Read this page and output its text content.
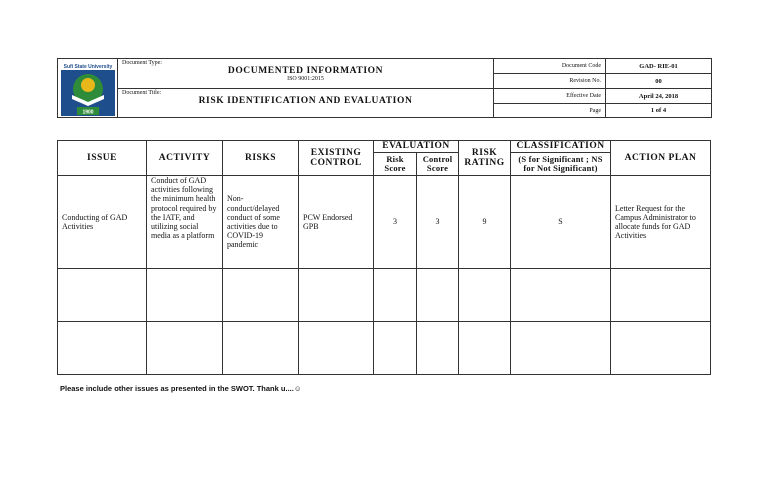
Sufi State University
1900	Document Type:
DOCUMENTED INFORMATION
ISO 9001:2015	Document Code	GAD- RIE-01
		Revision No.	00

	Document Title:
RISK IDENTIFICATION AND EVALUATION	Effective Date	April 24, 2018
		Page	1 of 4
ISSUE	ACTIVITY	RISKS	EXISTING CONTROL	EVALUATION		RISK RATING	CLASSIFICATION	ACTION PLAN
				Risk Score	Control Score		(S for Significant ; NS for Not Significant)	
Conducting of GAD Activities	Conduct of GAD activities following the minimum health protocol required by the IATF, and utilizing social media as a platform	Non-conduct/delayed conduct of some activities due to COVID-19 pandemic	PCW Endorsed GPB	3	3	9	S	Letter Request for the Campus Administrator to allocate funds for GAD Activities

Please include other issues as presented in the SWOT. Thank u....☺
